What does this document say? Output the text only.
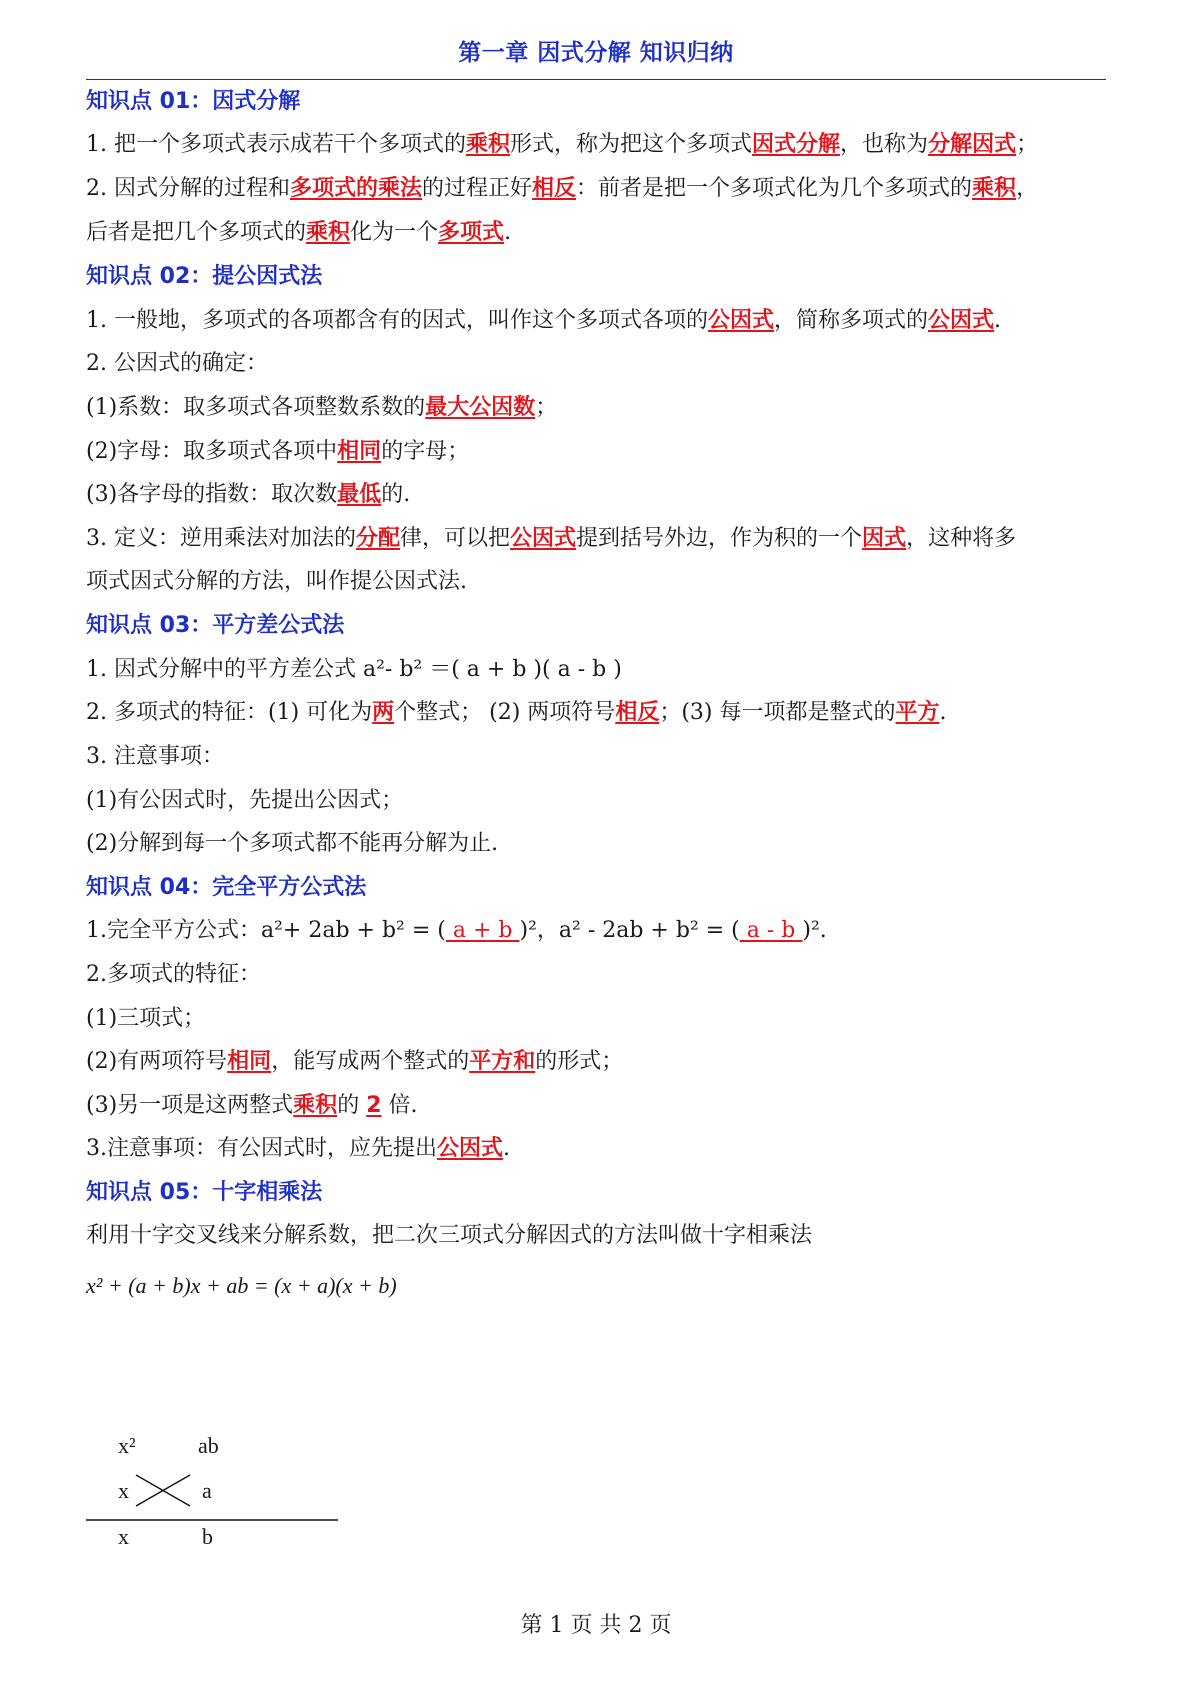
第一章 因式分解 知识归纳
知识点 01：因式分解
1. 把一个多项式表示成若干个多项式的乘积形式，称为把这个多项式因式分解，也称为分解因式；
2. 因式分解的过程和多项式的乘法的过程正好相反：前者是把一个多项式化为几个多项式的乘积，
后者是把几个多项式的乘积化为一个多项式.
知识点 02：提公因式法
1. 一般地，多项式的各项都含有的因式，叫作这个多项式各项的公因式，简称多项式的公因式.
2. 公因式的确定：
(1)系数：取多项式各项整数系数的最大公因数；
(2)字母：取多项式各项中相同的字母；
(3)各字母的指数：取次数最低的.
3. 定义：逆用乘法对加法的分配律，可以把公因式提到括号外边，作为积的一个因式，这种将多
项式因式分解的方法，叫作提公因式法.
知识点 03：平方差公式法
1. 因式分解中的平方差公式 a²- b² ＝( a + b )( a - b )
2. 多项式的特征：(1) 可化为两个整式； (2) 两项符号相反；(3) 每一项都是整式的平方.
3. 注意事项：
(1)有公因式时，先提出公因式；
(2)分解到每一个多项式都不能再分解为止.
知识点 04：完全平方公式法
1.完全平方公式：a²+ 2ab + b² = ( a + b )²，a² - 2ab + b² = ( a - b )².
2.多项式的特征：
(1)三项式；
(2)有两项符号相同，能写成两个整式的平方和的形式；
(3)另一项是这两整式乘积的 2 倍.
3.注意事项：有公因式时，应先提出公因式.
知识点 05：十字相乘法
利用十字交叉线来分解系数，把二次三项式分解因式的方法叫做十字相乘法
x² + (a + b)x + ab = (x + a)(x + b)
x²	ab
x	a
x	b
第 1 页 共 2 页
